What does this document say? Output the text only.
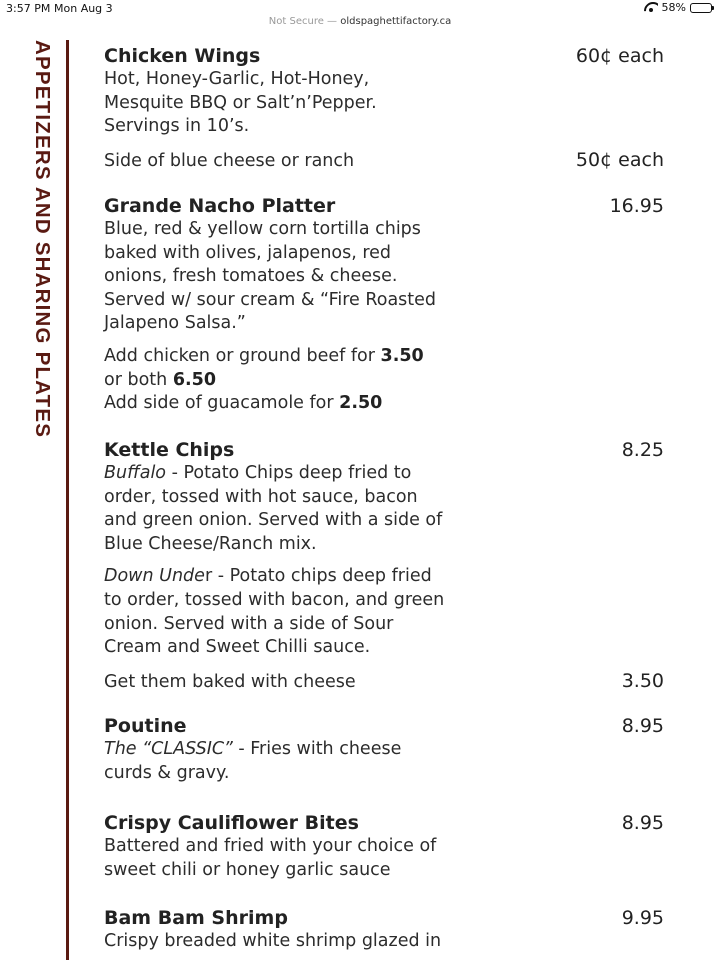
3:57 PM Mon Aug 3	58%
Not Secure — oldspaghettifactory.ca
APPETIZERS AND SHARING PLATES	Chicken Wings	60¢ each
Hot, Honey-Garlic, Hot-Honey,
Mesquite BBQ or Salt’n’Pepper.
Servings in 10’s.
Side of blue cheese or ranch	50¢ each
Grande Nacho Platter	16.95
Blue, red & yellow corn tortilla chips
baked with olives, jalapenos, red
onions, fresh tomatoes & cheese.
Served w/ sour cream & “Fire Roasted
Jalapeno Salsa.”
Add chicken or ground beef for 3.50
or both 6.50
Add side of guacamole for 2.50
Kettle Chips	8.25
Buffalo - Potato Chips deep fried to
order, tossed with hot sauce, bacon
and green onion. Served with a side of
Blue Cheese/Ranch mix.
Down Under - Potato chips deep fried
to order, tossed with bacon, and green
onion. Served with a side of Sour
Cream and Sweet Chilli sauce.
Get them baked with cheese	3.50
Poutine	8.95
The “CLASSIC” - Fries with cheese
curds & gravy.
Crispy Cauliflower Bites	8.95
Battered and fried with your choice of
sweet chili or honey garlic sauce
Bam Bam Shrimp	9.95
Crispy breaded white shrimp glazed in
